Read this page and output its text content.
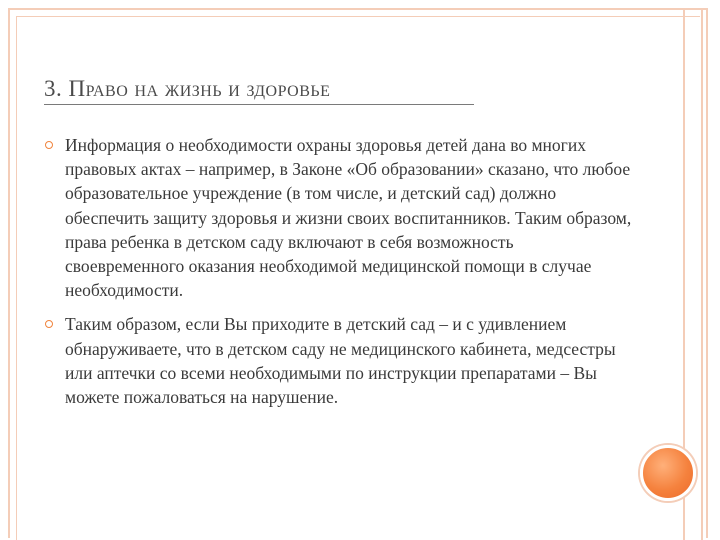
3. Право на жизнь и здоровье
Информация о необходимости охраны здоровья детей дана во многих правовых актах – например, в Законе «Об образовании» сказано, что любое образовательное учреждение (в том числе, и детский сад) должно обеспечить защиту здоровья и жизни своих воспитанников. Таким образом, права ребенка в детском саду включают в себя возможность своевременного оказания необходимой медицинской помощи в случае необходимости.
Таким образом, если Вы приходите в детский сад – и с удивлением обнаруживаете, что в детском саду не медицинского кабинета, медсестры или аптечки со всеми необходимыми по инструкции препаратами – Вы можете пожаловаться на нарушение.
